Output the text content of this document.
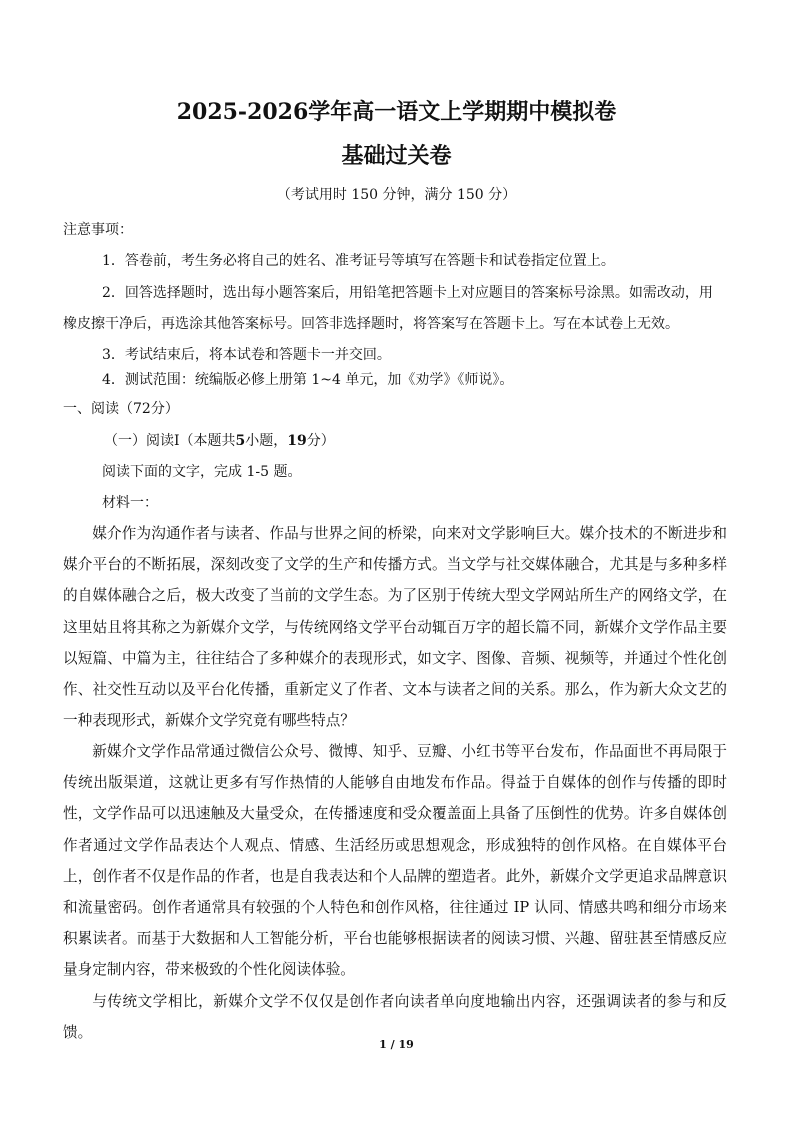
2025-2026学年高一语文上学期期中模拟卷
基础过关卷
（考试用时 150 分钟，满分 150 分）
注意事项：
1．答卷前，考生务必将自己的姓名、准考证号等填写在答题卡和试卷指定位置上。
2．回答选择题时，选出每小题答案后，用铅笔把答题卡上对应题目的答案标号涂黑。如需改动，用
橡皮擦干净后，再选涂其他答案标号。回答非选择题时，将答案写在答题卡上。写在本试卷上无效。
3．考试结束后，将本试卷和答题卡一并交回。
4．测试范围：统编版必修上册第 1~4 单元，加《劝学》《师说》。
一、阅读（72分）
（一）阅读Ⅰ（本题共5小题，19分）
阅读下面的文字，完成 1-5 题。
材料一：

媒介作为沟通作者与读者、作品与世界之间的桥梁，向来对文学影响巨大。媒介技术的不断进步和媒介平台的不断拓展，深刻改变了文学的生产和传播方式。当文学与社交媒体融合，尤其是与多种多样的自媒体融合之后，极大改变了当前的文学生态。为了区别于传统大型文学网站所生产的网络文学，在这里姑且将其称之为新媒介文学，与传统网络文学平台动辄百万字的超长篇不同，新媒介文学作品主要以短篇、中篇为主，往往结合了多种媒介的表现形式，如文字、图像、音频、视频等，并通过个性化创作、社交性互动以及平台化传播，重新定义了作者、文本与读者之间的关系。那么，作为新大众文艺的一种表现形式，新媒介文学究竟有哪些特点？

新媒介文学作品常通过微信公众号、微博、知乎、豆瓣、小红书等平台发布，作品面世不再局限于传统出版渠道，这就让更多有写作热情的人能够自由地发布作品。得益于自媒体的创作与传播的即时性，文学作品可以迅速触及大量受众，在传播速度和受众覆盖面上具备了压倒性的优势。许多自媒体创作者通过文学作品表达个人观点、情感、生活经历或思想观念，形成独特的创作风格。在自媒体平台上，创作者不仅是作品的作者，也是自我表达和个人品牌的塑造者。此外，新媒介文学更追求品牌意识和流量密码。创作者通常具有较强的个人特色和创作风格，往往通过 IP 认同、情感共鸣和细分市场来积累读者。而基于大数据和人工智能分析，平台也能够根据读者的阅读习惯、兴趣、留驻甚至情感反应量身定制内容，带来极致的个性化阅读体验。

与传统文学相比，新媒介文学不仅仅是创作者向读者单向度地输出内容，还强调读者的参与和反馈。

1 / 19
